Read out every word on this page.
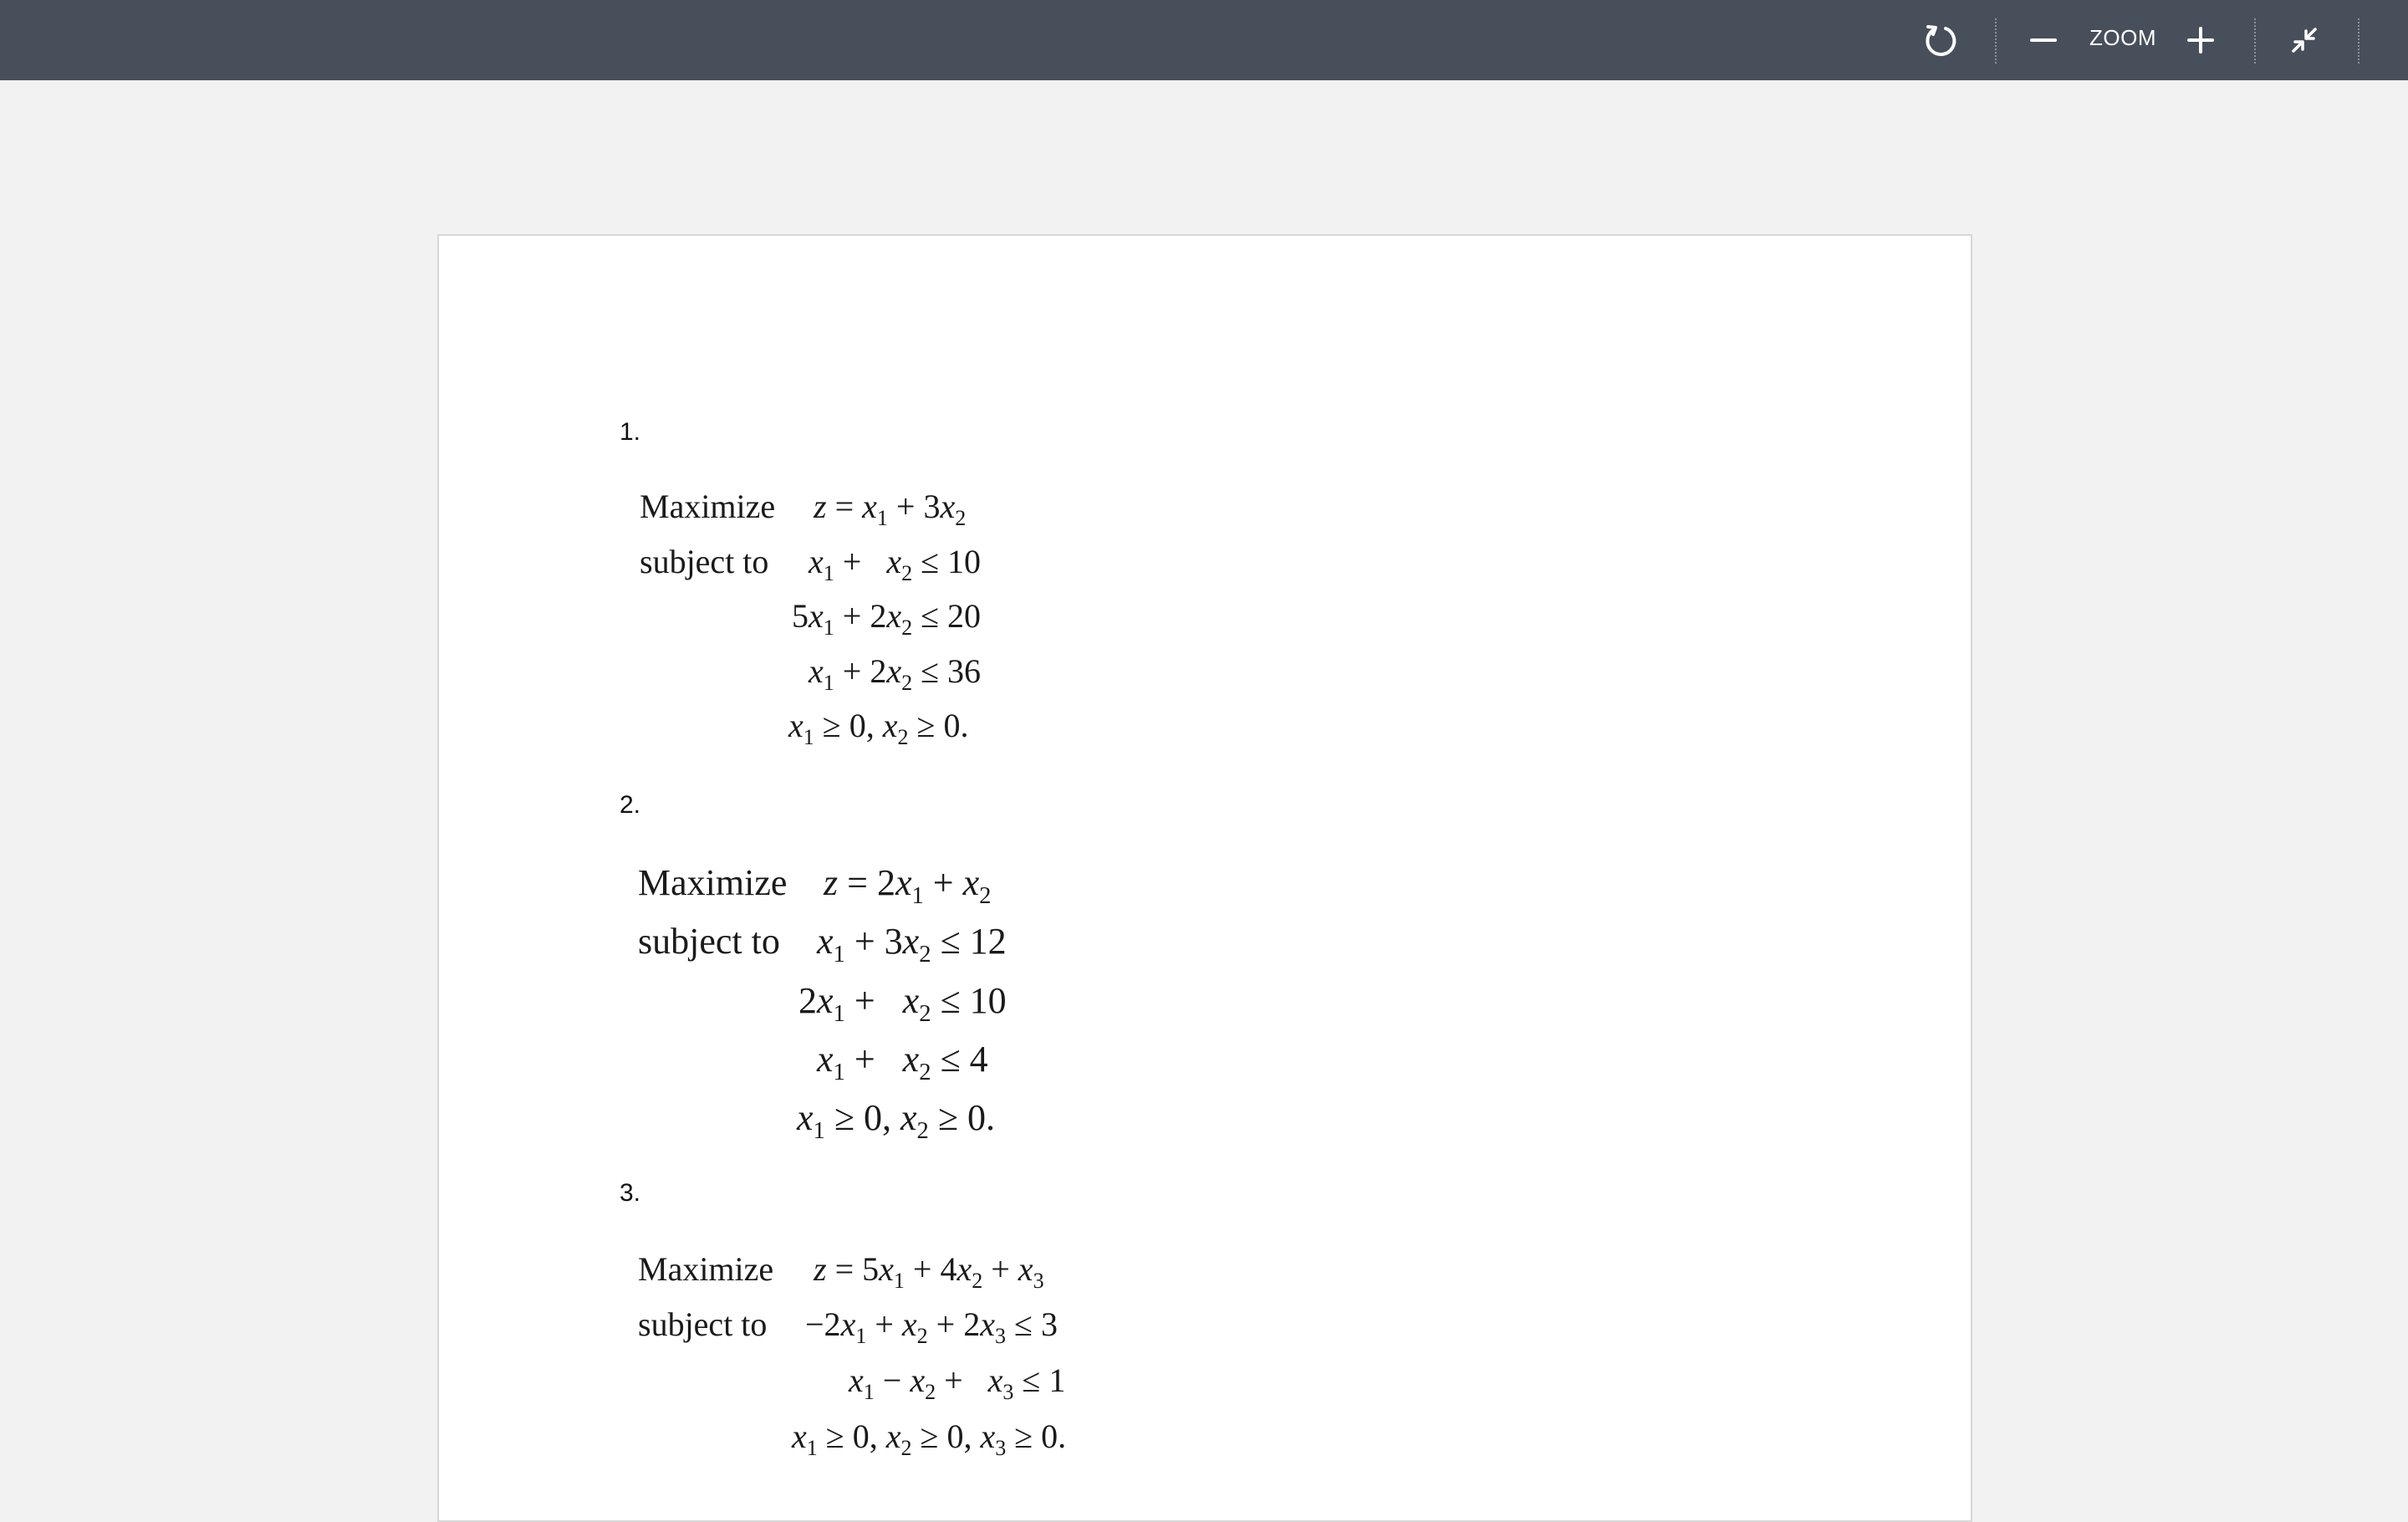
ZOOM
1.
Maximize $z = x_1 + 3x_2$
subject to $x_1 + x_2 \le 10$
$5x_1 + 2x_2 \le 20$
$x_1 + 2x_2 \le 36$
$x_1 \ge 0$, $x_2 \ge 0$.
2.
Maximize $z = 2x_1 + x_2$
subject to $x_1 + 3x_2 \le 12$
$2x_1 + x_2 \le 10$
$x_1 + x_2 \le 4$
$x_1 \ge 0$, $x_2 \ge 0$.
3.
Maximize $z = 5x_1 + 4x_2 + x_3$
subject to $-2x_1 + x_2 + 2x_3 \le 3$
$x_1 - x_2 + x_3 \le 1$
$x_1 \ge 0$, $x_2 \ge 0$, $x_3 \ge 0$.
